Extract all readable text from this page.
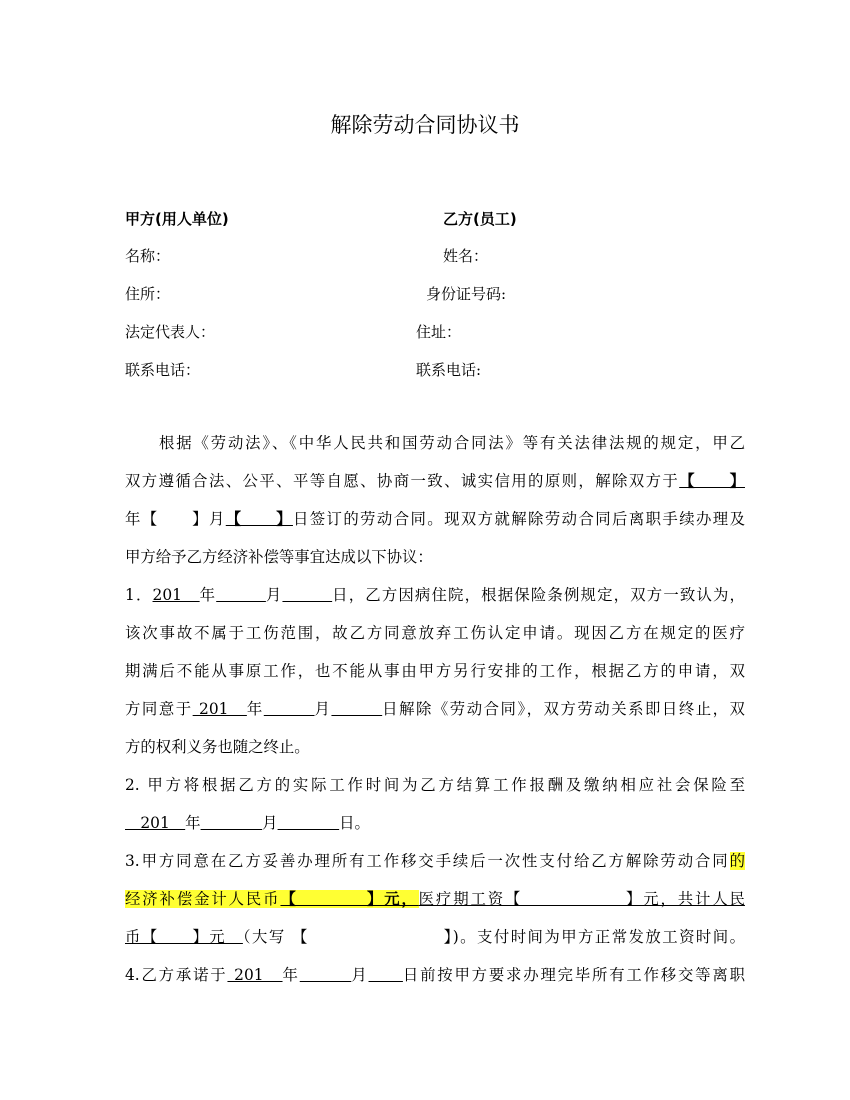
解除劳动合同协议书
甲方(用人单位)	乙方(员工)
名称：	姓名：
住所：	身份证号码:
法定代表人：	住址：
联系电话：	联系电话:
根据《劳动法》、《中华人民共和国劳动合同法》等有关法律法规的规定，甲乙
双方遵循合法、公平、平等自愿、协商一致、诚实信用的原则，解除双方于【　　】
年【　　】月【　　】日签订的劳动合同。现双方就解除劳动合同后离职手续办理及
甲方给予乙方经济补偿等事宜达成以下协议：
1．201　年　　　	月　　　	日，乙方因病住院，根据保险条例规定，双方一致认为，
该次事故不属于工伤范围，故乙方同意放弃工伤认定申请。现因乙方在规定的医疗
期满后不能从事原工作，也不能从事由甲方另行安排的工作，根据乙方的申请，双
方同意于 201　年　　　	月　　　	日解除《劳动合同》，双方劳动关系即日终止，双
方的权利义务也随之终止。
2. 甲方将根据乙方的实际工作时间为乙方结算工作报酬及缴纳相应社会保险至
　201　年　　　　	月　　　　	日。
3.甲方同意在乙方妥善办理所有工作移交手续后一次性支付给乙方解除劳动合同的
经济补偿金计人民币【　　　　】元，医疗期工资【　　　　　　】元，共计人民
币【　　】元　（大写 【　　　　　　　　】)。支付时间为甲方正常发放工资时间。
4.乙方承诺于 201　年　　　	月　　 日前按甲方要求办理完毕所有工作移交等离职
